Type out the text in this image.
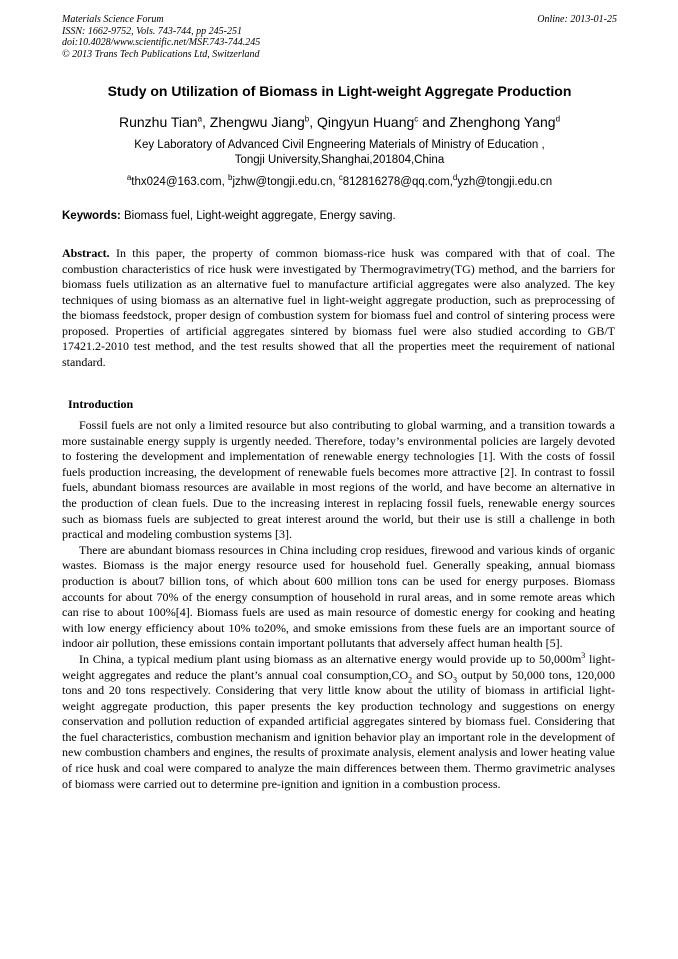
Materials Science Forum
ISSN: 1662-9752, Vols. 743-744, pp 245-251
doi:10.4028/www.scientific.net/MSF.743-744.245
© 2013 Trans Tech Publications Ltd, Switzerland
Online: 2013-01-25
Study on Utilization of Biomass in Light-weight Aggregate Production
Runzhu Tian$^a$, Zhengwu Jiang$^b$, Qingyun Huang$^c$ and Zhenghong Yang$^d$
Key Laboratory of Advanced Civil Engneering Materials of Ministry of Education ,
Tongji University,Shanghai,201804,China
$^a$thx024@163.com, $^b$jzhw@tongji.edu.cn, $^c$812816278@qq.com,$^d$yzh@tongji.edu.cn
Keywords: Biomass fuel, Light-weight aggregate, Energy saving.
Abstract. In this paper, the property of common biomass-rice husk was compared with that of coal. The combustion characteristics of rice husk were investigated by Thermogravimetry(TG) method, and the barriers for biomass fuels utilization as an alternative fuel to manufacture artificial aggregates were also analyzed. The key techniques of using biomass as an alternative fuel in light-weight aggregate production, such as preprocessing of the biomass feedstock, proper design of combustion system for biomass fuel and control of sintering process were proposed. Properties of artificial aggregates sintered by biomass fuel were also studied according to GB/T 17421.2-2010 test method, and the test results showed that all the properties meet the requirement of national standard.
Introduction

Fossil fuels are not only a limited resource but also contributing to global warming, and a transition towards a more sustainable energy supply is urgently needed. Therefore, today’s environmental policies are largely devoted to fostering the development and implementation of renewable energy technologies [1]. With the costs of fossil fuels production increasing, the development of renewable fuels becomes more attractive [2]. In contrast to fossil fuels, abundant biomass resources are available in most regions of the world, and have become an alternative in the production of clean fuels. Due to the increasing interest in replacing fossil fuels, renewable energy sources such as biomass fuels are subjected to great interest around the world, but their use is still a challenge in both practical and modeling combustion systems [3].

There are abundant biomass resources in China including crop residues, firewood and various kinds of organic wastes. Biomass is the major energy resource used for household fuel. Generally speaking, annual biomass production is about7 billion tons, of which about 600 million tons can be used for energy purposes. Biomass accounts for about 70% of the energy consumption of household in rural areas, and in some remote areas which can rise to about 100%[4]. Biomass fuels are used as main resource of domestic energy for cooking and heating with low energy efficiency about 10% to20%, and smoke emissions from these fuels are an important source of indoor air pollution, these emissions contain important pollutants that adversely affect human health [5].

In China, a typical medium plant using biomass as an alternative energy would provide up to $50,000m^3$ light-weight aggregates and reduce the plant’s annual coal $consumption,CO_2$ and $SO_3$ output by 50,000 tons, 120,000 tons and 20 tons respectively. Considering that very little know about the utility of biomass in artificial light-weight aggregate production, this paper presents the key production technology and suggestions on energy conservation and pollution reduction of expanded artificial aggregates sintered by biomass fuel. Considering that the fuel characteristics, combustion mechanism and ignition behavior play an important role in the development of new combustion chambers and engines, the results of proximate analysis, element analysis and lower heating value of rice husk and coal were compared to analyze the main differences between them. Thermo gravimetric analyses of biomass were carried out to determine pre-ignition and ignition in a combustion process.
